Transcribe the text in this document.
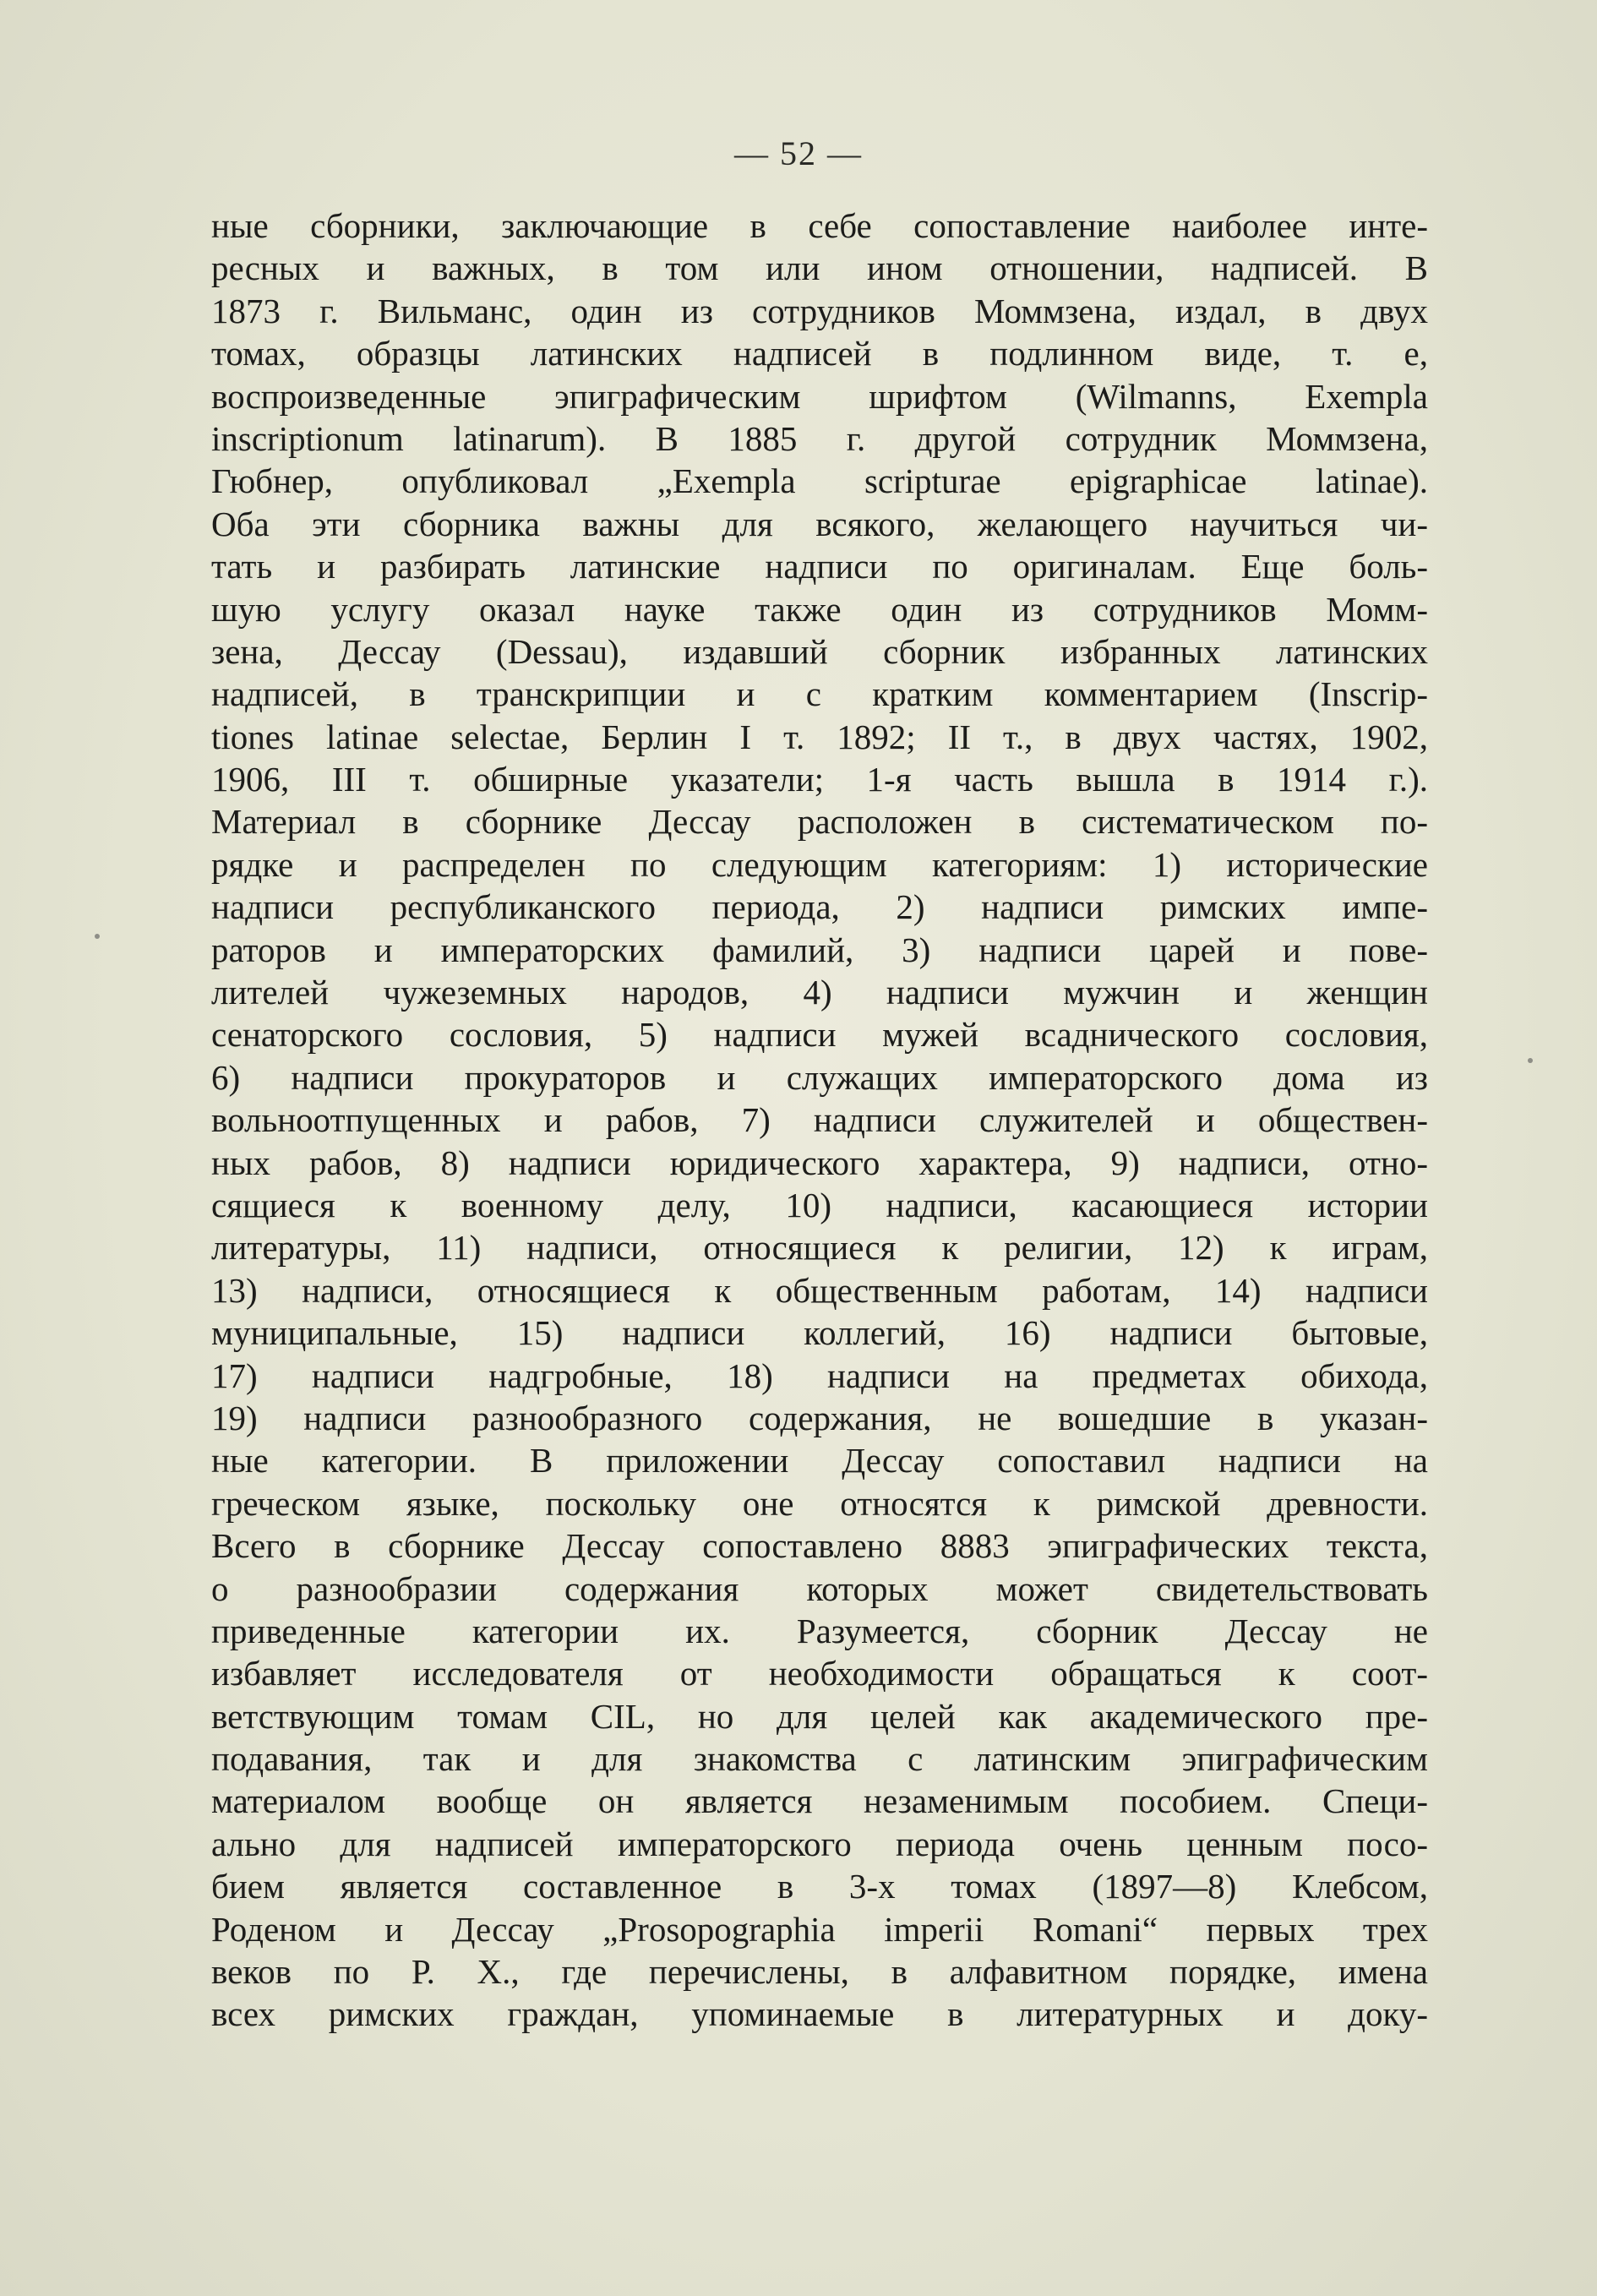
— 52 —
ные сборники, заключающие в себе сопоставление наиболее инте-
ресных и важных, в том или ином отношении, надписей. В
1873 г. Вильманс, один из сотрудников Моммзена, издал, в двух
томах, образцы латинских надписей в подлинном виде, т. е,
воспроизведенные эпиграфическим шрифтом (Wilmanns, Exempla
inscriptionum latinarum). В 1885 г. другой сотрудник Моммзена,
Гюбнер, опубликовал „Exempla scripturae epigraphicae latinae).
Оба эти сборника важны для всякого, желающего научиться чи-
тать и разбирать латинские надписи по оригиналам. Еще боль-
шую услугу оказал науке также один из сотрудников Момм-
зена, Дессау (Dessau), издавший сборник избранных латинских
надписей, в транскрипции и с кратким комментарием (Inscrip-
tiones latinae selectae, Берлин I т. 1892; II т., в двух частях, 1902,
1906, III т. обширные указатели; 1-я часть вышла в 1914 г.).
Материал в сборнике Дессау расположен в систематическом по-
рядке и распределен по следующим категориям: 1) исторические
надписи республиканского периода, 2) надписи римских импе-
раторов и императорских фамилий, 3) надписи царей и пове-
лителей чужеземных народов, 4) надписи мужчин и женщин
сенаторского сословия, 5) надписи мужей всаднического сословия,
6) надписи прокураторов и служащих императорского дома из
вольноотпущенных и рабов, 7) надписи служителей и обществен-
ных рабов, 8) надписи юридического характера, 9) надписи, отно-
сящиеся к военному делу, 10) надписи, касающиеся истории
литературы, 11) надписи, относящиеся к религии, 12) к играм,
13) надписи, относящиеся к общественным работам, 14) надписи
муниципальные, 15) надписи коллегий, 16) надписи бытовые,
17) надписи надгробные, 18) надписи на предметах обихода,
19) надписи разнообразного содержания, не вошедшие в указан-
ные категории. В приложении Дессау сопоставил надписи на
греческом языке, поскольку оне относятся к римской древности.
Всего в сборнике Дессау сопоставлено 8883 эпиграфических текста,
о разнообразии содержания которых может свидетельствовать
приведенные категории их. Разумеется, сборник Дессау не
избавляет исследователя от необходимости обращаться к соот-
ветствующим томам CIL, но для целей как академического пре-
подавания, так и для знакомства с латинским эпиграфическим
материалом вообще он является незаменимым пособием. Специ-
ально для надписей императорского периода очень ценным посо-
бием является составленное в 3-х томах (1897—8) Клебсом,
Роденом и Дессау „Prosopographia imperii Romani“ первых трех
веков по Р. Х., где перечислены, в алфавитном порядке, имена
всех римских граждан, упоминаемые в литературных и доку-
